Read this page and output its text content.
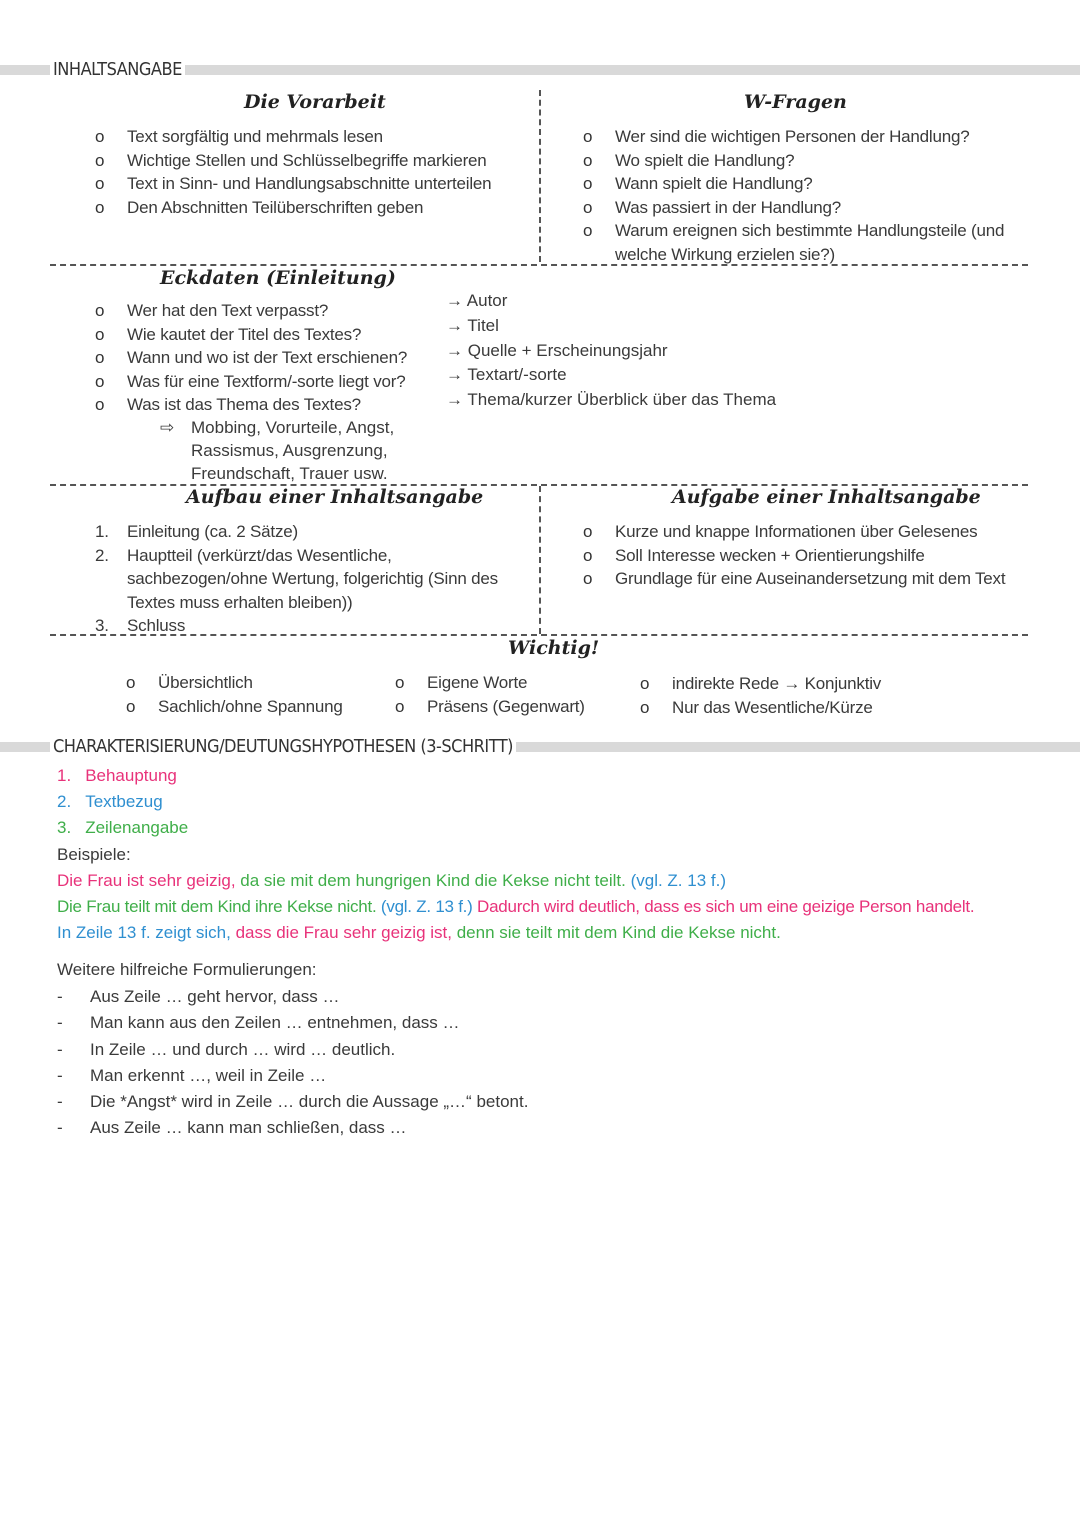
INHALTSANGABE
Die Vorarbeit
o Text sorgfältig und mehrmals lesen
o Wichtige Stellen und Schlüsselbegriffe markieren
o Text in Sinn- und Handlungsabschnitte unterteilen
o Den Abschnitten Teilüberschriften geben
W-Fragen
o Wer sind die wichtigen Personen der Handlung?
o Wo spielt die Handlung?
o Wann spielt die Handlung?
o Was passiert in der Handlung?
o Warum ereignen sich bestimmte Handlungsteile (und welche Wirkung erzielen sie?)
Eckdaten (Einleitung)
o Wer hat den Text verpasst?
o Wie kautet der Titel des Textes?
o Wann und wo ist der Text erschienen?
o Was für eine Textform/-sorte liegt vor?
o Was ist das Thema des Textes?
⇨ Mobbing, Vorurteile, Angst, Rassismus, Ausgrenzung, Freundschaft, Trauer usw.
→ Autor
→ Titel
→ Quelle + Erscheinungsjahr
→ Textart/-sorte
→ Thema/kurzer Überblick über das Thema
Aufbau einer Inhaltsangabe
1. Einleitung (ca. 2 Sätze)
2. Hauptteil (verkürzt/das Wesentliche, sachbezogen/ohne Wertung, folgerichtig (Sinn des Textes muss erhalten bleiben))
3. Schluss
Aufgabe einer Inhaltsangabe
o Kurze und knappe Informationen über Gelesenes
o Soll Interesse wecken + Orientierungshilfe
o Grundlage für eine Auseinandersetzung mit dem Text
Wichtig!
o Übersichtlich
o Sachlich/ohne Spannung
o Eigene Worte
o Präsens (Gegenwart)
o indirekte Rede → Konjunktiv
o Nur das Wesentliche/Kürze
CHARAKTERISIERUNG/DEUTUNGSHYPOTHESEN (3-SCHRITT)
1. Behauptung
2. Textbezug
3. Zeilenangabe
Beispiele:
Die Frau ist sehr geizig, da sie mit dem hungrigen Kind die Kekse nicht teilt. (vgl. Z. 13 f.)
Die Frau teilt mit dem Kind ihre Kekse nicht. (vgl. Z. 13 f.) Dadurch wird deutlich, dass es sich um eine geizige Person handelt.
In Zeile 13 f. zeigt sich, dass die Frau sehr geizig ist, denn sie teilt mit dem Kind die Kekse nicht.
Weitere hilfreiche Formulierungen:
- Aus Zeile … geht hervor, dass …
- Man kann aus den Zeilen … entnehmen, dass …
- In Zeile … und durch … wird … deutlich.
- Man erkennt …, weil in Zeile …
- Die *Angst* wird in Zeile … durch die Aussage „…“ betont.
- Aus Zeile … kann man schließen, dass …
